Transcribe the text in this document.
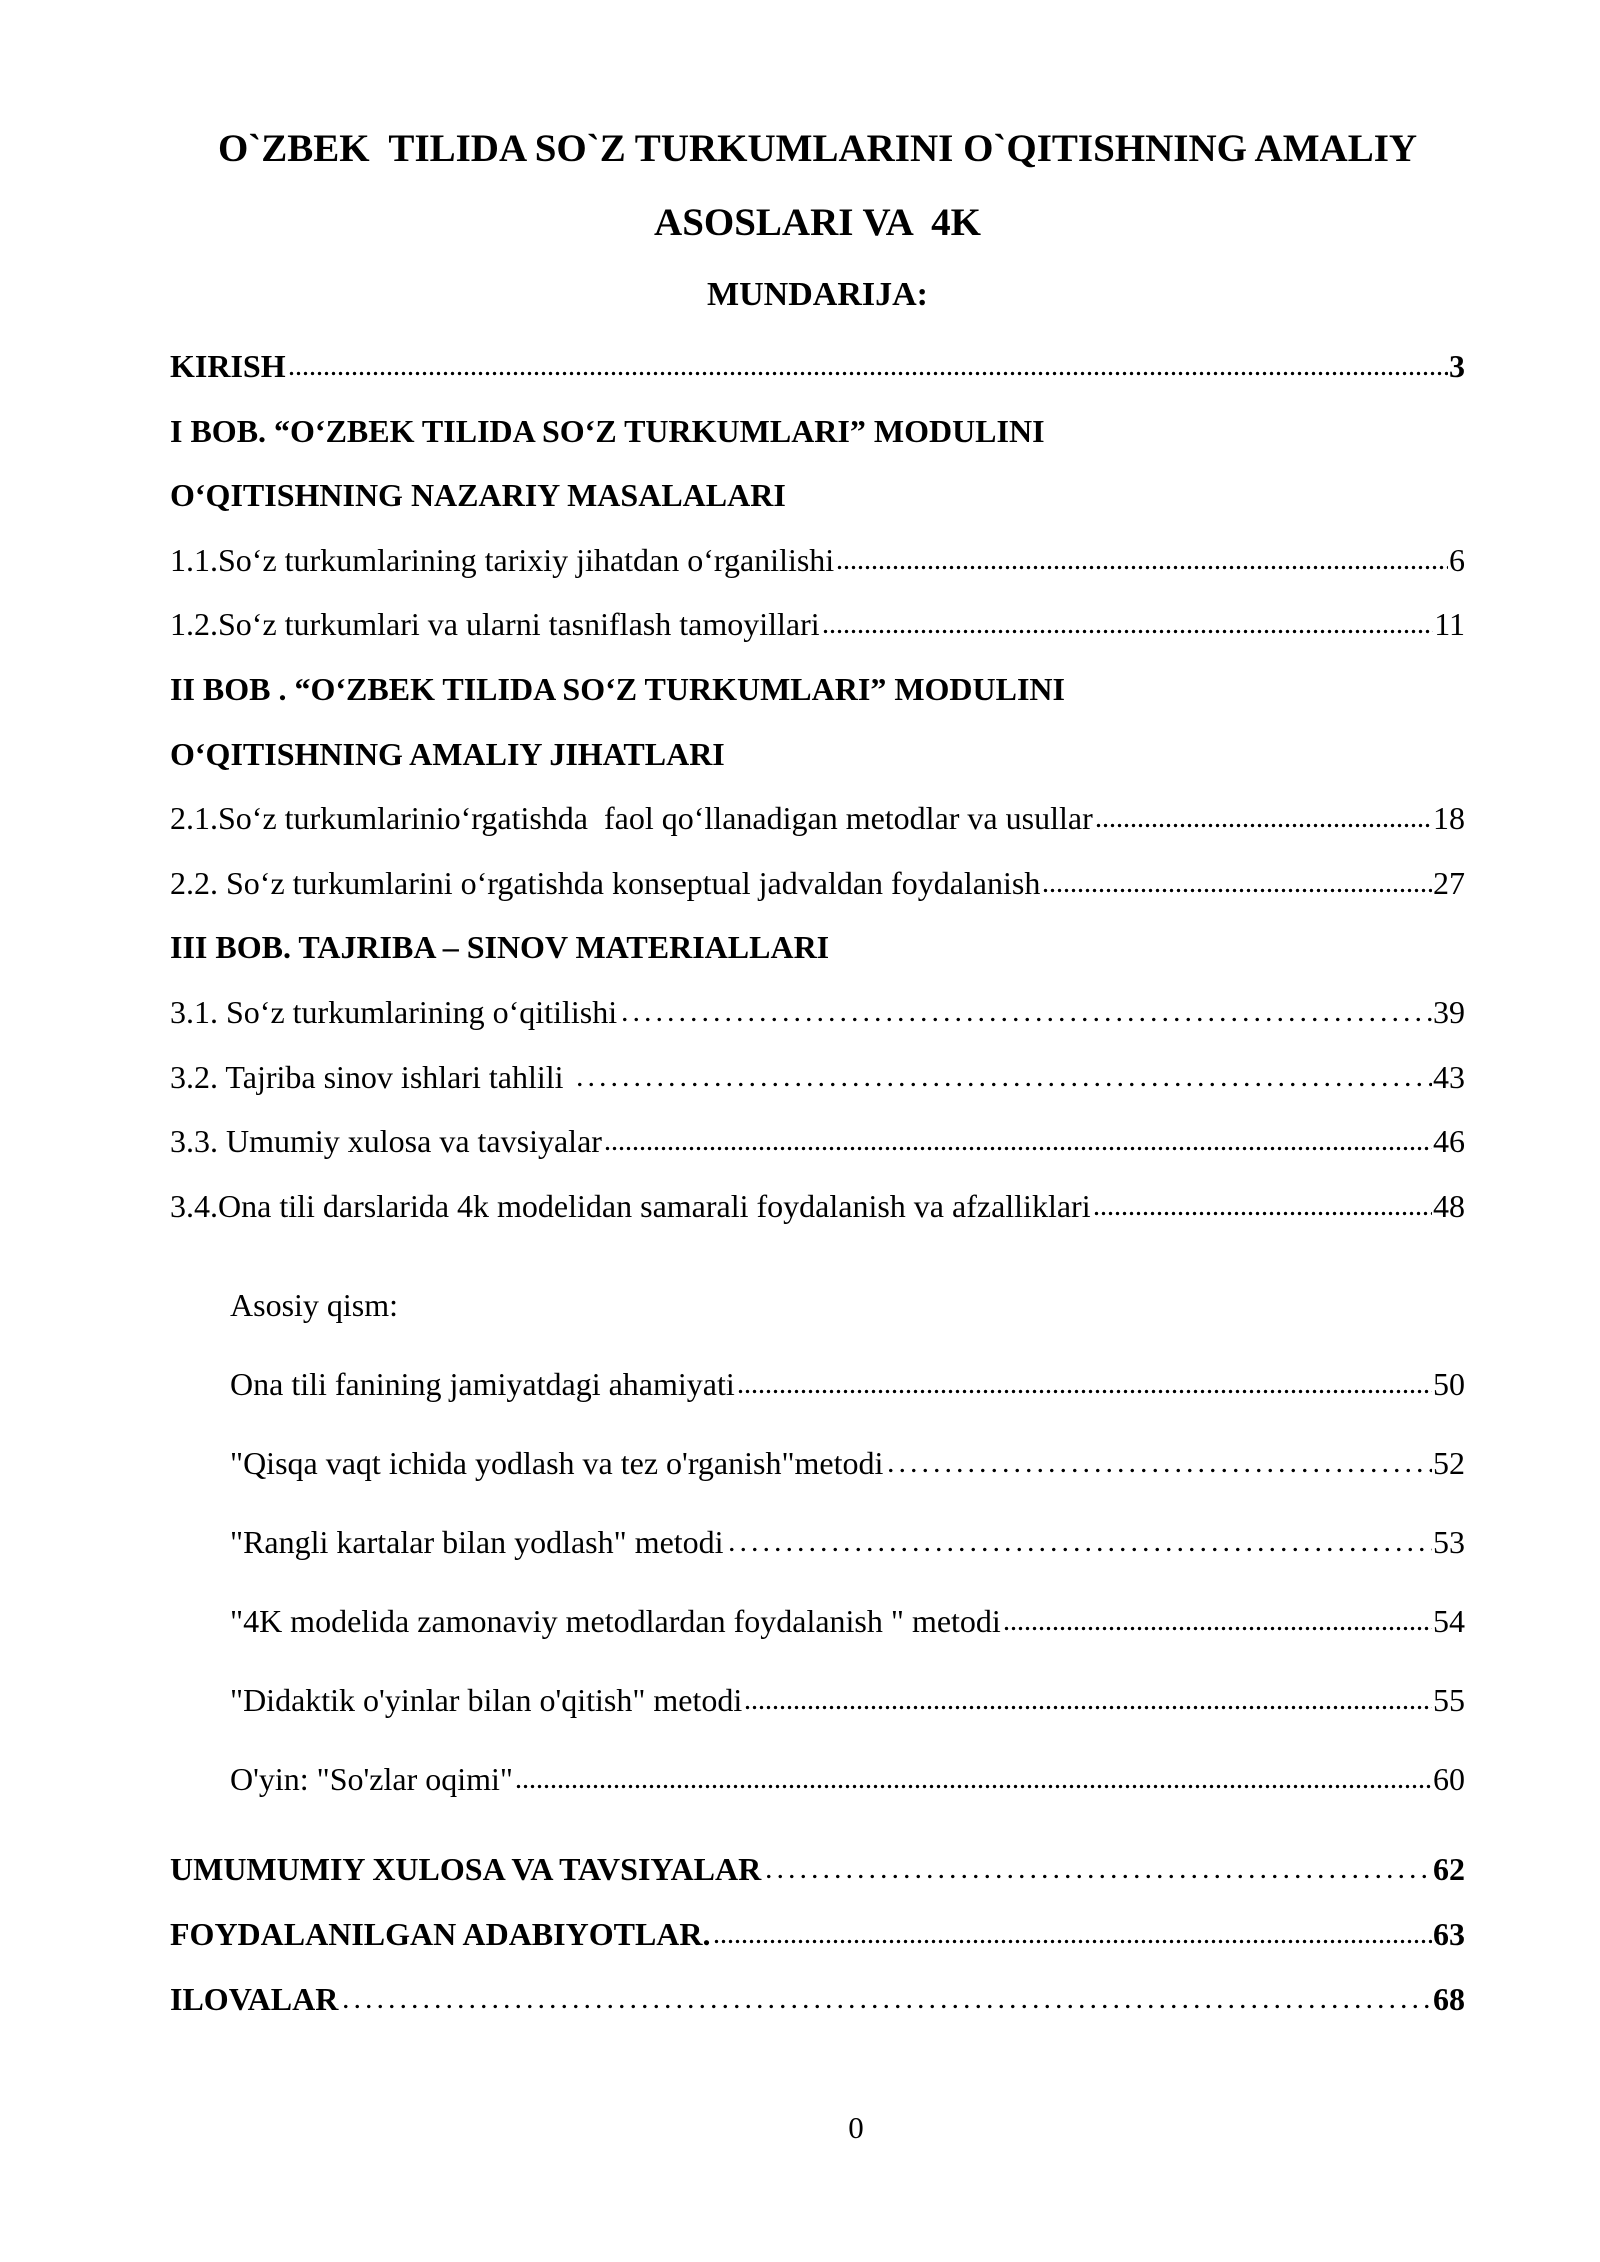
O`ZBEK  TILIDA SO`Z TURKUMLARINI O`QITISHNING AMALIY
ASOSLARI VA  4K
MUNDARIJA:
KIRISH	3
I BOB. “O‘ZBEK TILIDA SO‘Z TURKUMLARI” MODULINI
O‘QITISHNING NAZARIY MASALALARI
1.1.So‘z turkumlarining tarixiy jihatdan o‘rganilishi	6
1.2.So‘z turkumlari va ularni tasniflash tamoyillari	11
II BOB . “O‘ZBEK TILIDA SO‘Z TURKUMLARI” MODULINI
O‘QITISHNING AMALIY JIHATLARI
2.1.So‘z turkumlarinio‘rgatishda  faol qo‘llanadigan metodlar va usullar	18
2.2. So‘z turkumlarini o‘rgatishda konseptual jadvaldan foydalanish	27
III BOB. TAJRIBA – SINOV MATERIALLARI
3.1. So‘z turkumlarining o‘qitilishi	39
3.2. Tajriba sinov ishlari tahlili	43
3.3. Umumiy xulosa va tavsiyalar	46
3.4.Ona tili darslarida 4k modelidan samarali foydalanish va afzalliklari	48
Asosiy qism:
Ona tili fanining jamiyatdagi ahamiyati	50
"Qisqa vaqt ichida yodlash va tez o'rganish"metodi	52
"Rangli kartalar bilan yodlash" metodi	53
"4K modelida zamonaviy metodlardan foydalanish " metodi	54
"Didaktik o'yinlar bilan o'qitish" metodi	55
O'yin: "So'zlar oqimi"	60
UMUMUMIY XULOSA VA TAVSIYALAR	62
FOYDALANILGAN ADABIYOTLAR.	63
ILOVALAR	68
0
